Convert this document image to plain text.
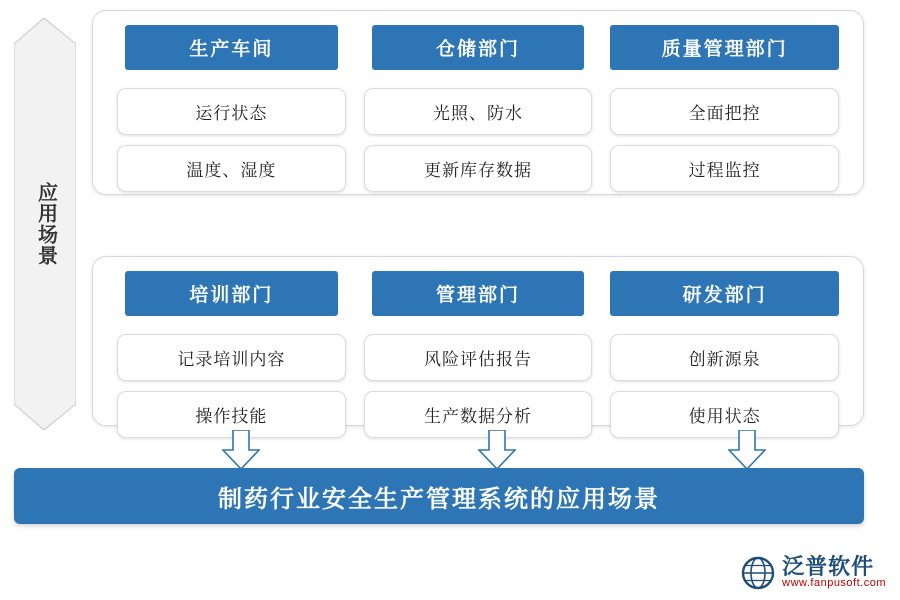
应用场景
生产车间
运行状态
温度、湿度
仓储部门
光照、防水
更新库存数据
质量管理部门
全面把控
过程监控
培训部门
记录培训内容
操作技能
管理部门
风险评估报告
生产数据分析
研发部门
创新源泉
使用状态
制药行业安全生产管理系统的应用场景
泛普软件
www.fanpusoft.com
